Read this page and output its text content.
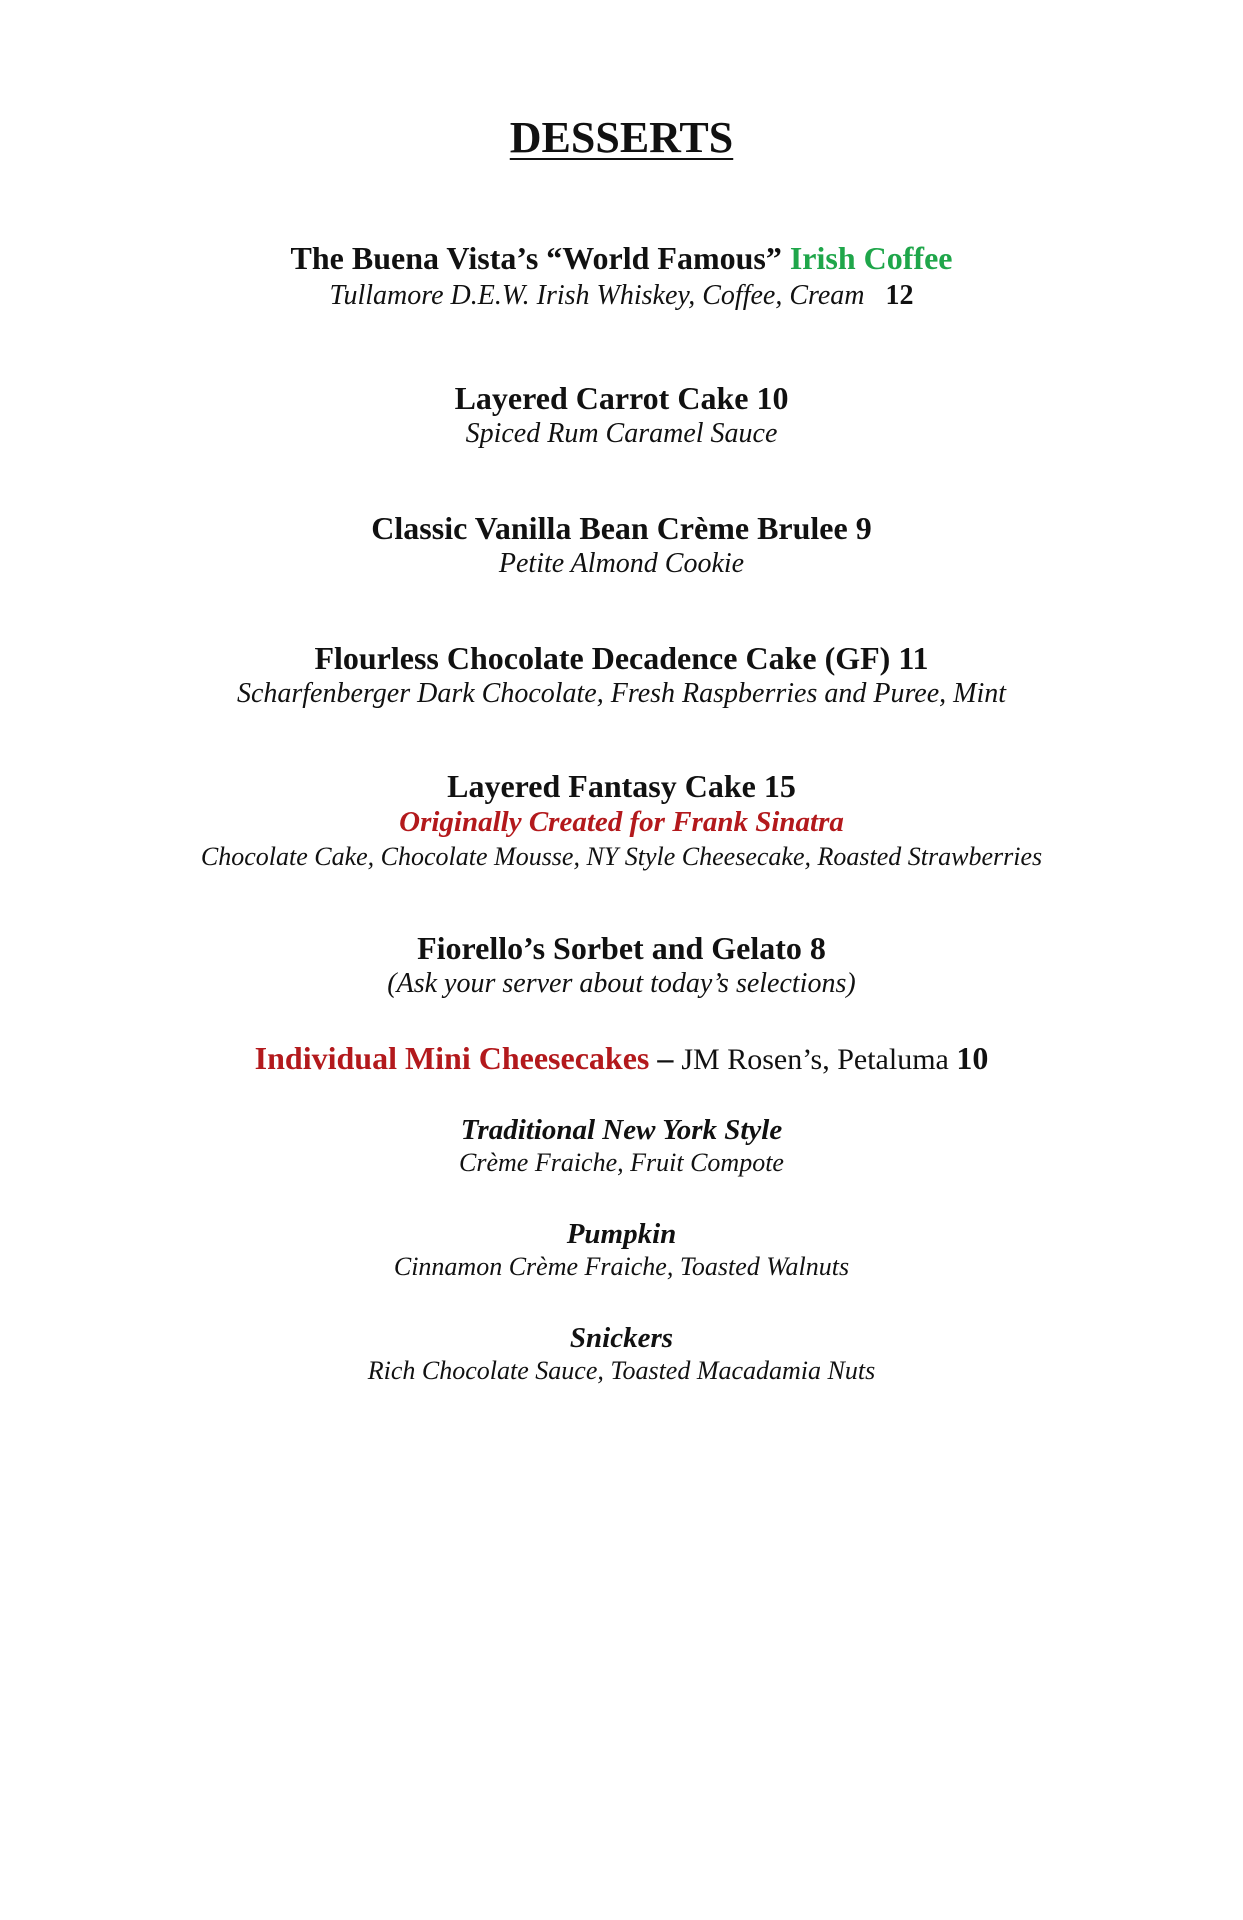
DESSERTS
The Buena Vista’s “World Famous” Irish Coffee
Tullamore D.E.W. Irish Whiskey, Coffee, Cream 12
Layered Carrot Cake 10
Spiced Rum Caramel Sauce
Classic Vanilla Bean Crème Brulee 9
Petite Almond Cookie
Flourless Chocolate Decadence Cake (GF) 11
Scharfenberger Dark Chocolate, Fresh Raspberries and Puree, Mint
Layered Fantasy Cake 15
Originally Created for Frank Sinatra
Chocolate Cake, Chocolate Mousse, NY Style Cheesecake, Roasted Strawberries
Fiorello’s Sorbet and Gelato 8
(Ask your server about today’s selections)
Individual Mini Cheesecakes – JM Rosen’s, Petaluma 10
Traditional New York Style
Crème Fraiche, Fruit Compote
Pumpkin
Cinnamon Crème Fraiche, Toasted Walnuts
Snickers
Rich Chocolate Sauce, Toasted Macadamia Nuts
